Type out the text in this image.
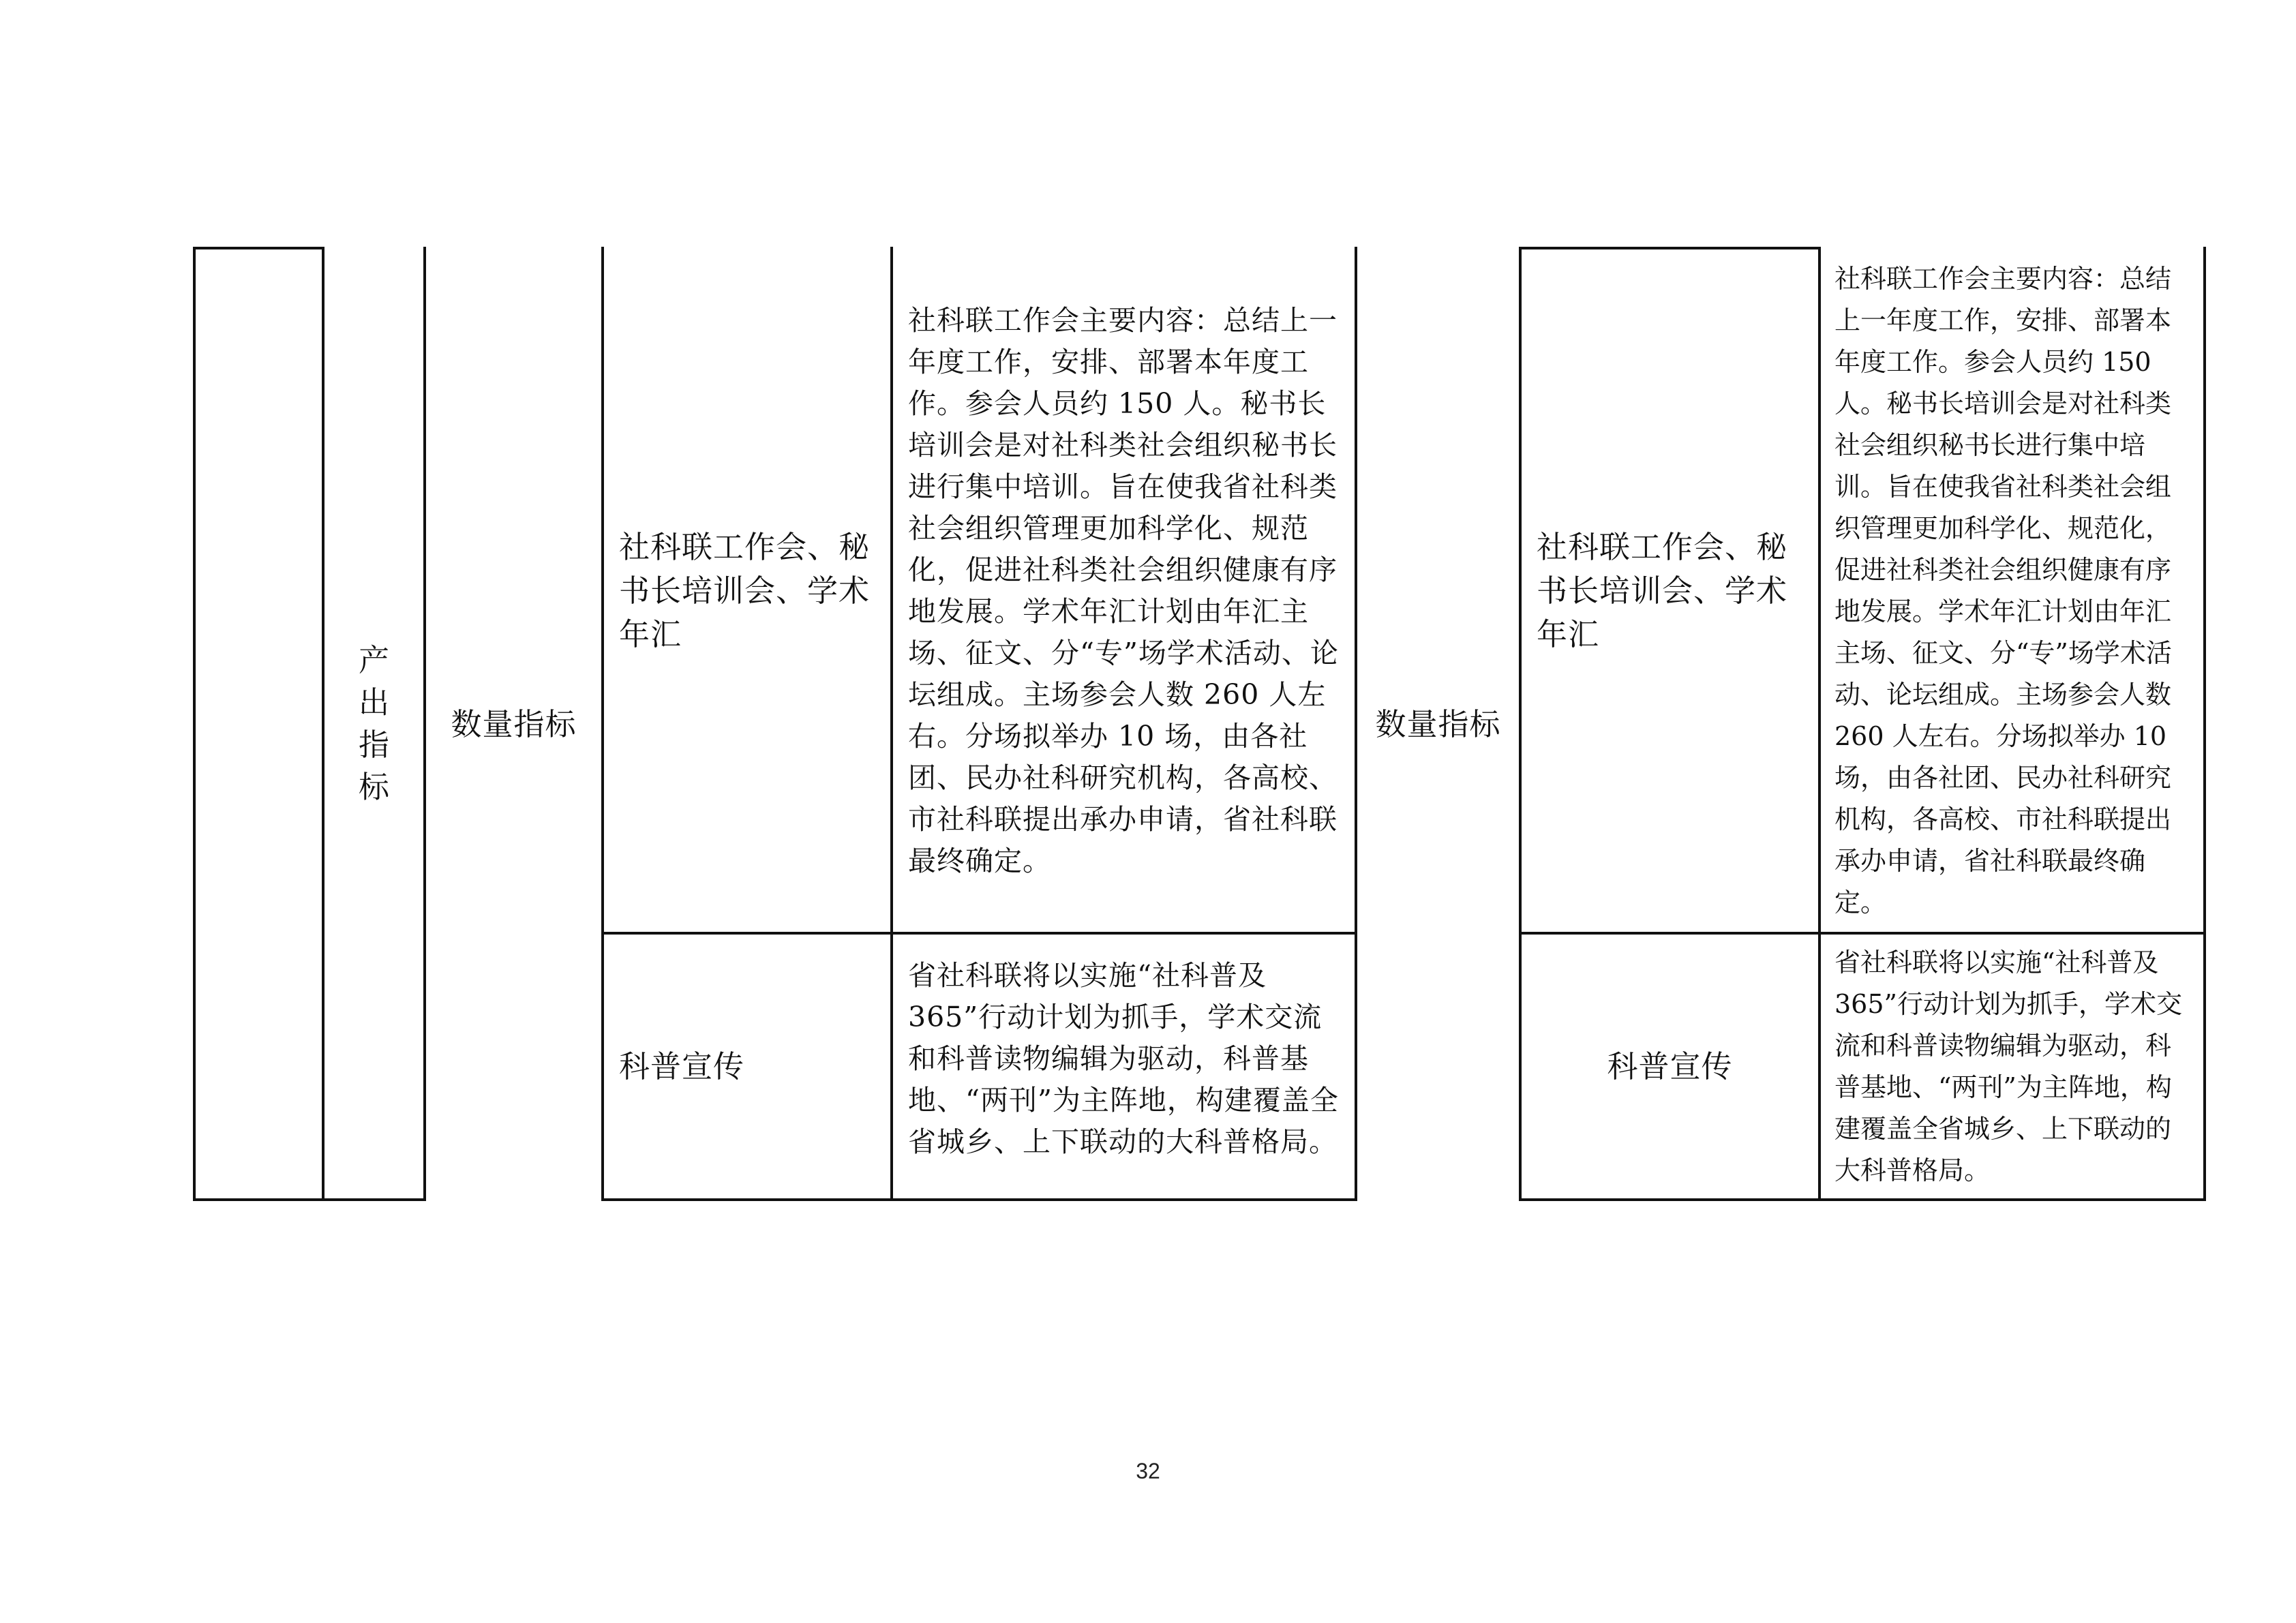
产
出
指
标
数量指标
社科联工作会、秘书长培训会、学术年汇
社科联工作会主要内容：总结上一年度工作，安排、部署本年度工作。参会人员约 150 人。秘书长培训会是对社科类社会组织秘书长进行集中培训。旨在使我省社科类社会组织管理更加科学化、规范化，促进社科类社会组织健康有序地发展。学术年汇计划由年汇主场、征文、分“专”场学术活动、论坛组成。主场参会人数 260 人左右。分场拟举办 10 场，由各社团、民办社科研究机构，各高校、市社科联提出承办申请，省社科联最终确定。
科普宣传
省社科联将以实施“社科普及 365”行动计划为抓手，学术交流和科普读物编辑为驱动，科普基地、“两刊”为主阵地，构建覆盖全省城乡、上下联动的大科普格局。
数量指标
社科联工作会、秘书长培训会、学术年汇
社科联工作会主要内容：总结上一年度工作，安排、部署本年度工作。参会人员约 150 人。秘书长培训会是对社科类社会组织秘书长进行集中培训。旨在使我省社科类社会组织管理更加科学化、规范化，促进社科类社会组织健康有序地发展。学术年汇计划由年汇主场、征文、分“专”场学术活动、论坛组成。主场参会人数 260 人左右。分场拟举办 10 场，由各社团、民办社科研究机构，各高校、市社科联提出承办申请，省社科联最终确定。
科普宣传
省社科联将以实施“社科普及 365”行动计划为抓手，学术交流和科普读物编辑为驱动，科普基地、“两刊”为主阵地，构建覆盖全省城乡、上下联动的大科普格局。
32
